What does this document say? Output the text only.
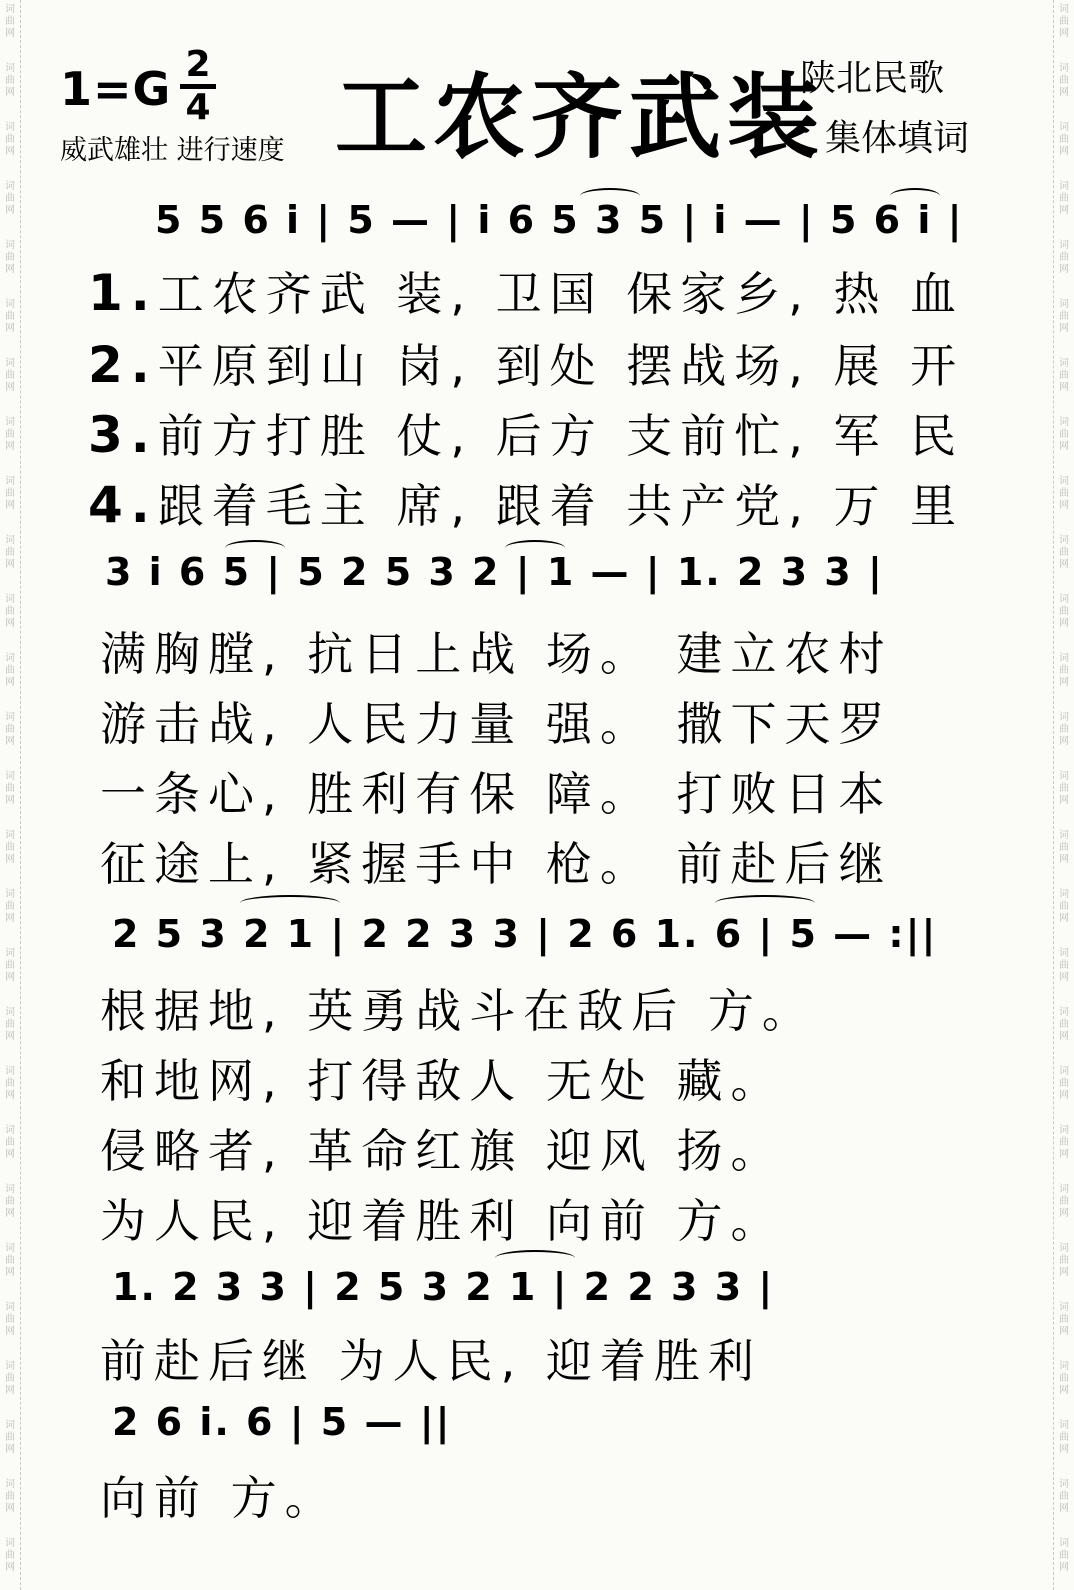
词曲网
词曲网
词曲网
词曲网
词曲网
词曲网
词曲网
词曲网
词曲网
词曲网
词曲网
词曲网
词曲网
词曲网
词曲网
词曲网
词曲网
词曲网
词曲网
词曲网
词曲网
词曲网
词曲网
词曲网
词曲网
词曲网
词曲网
词曲网
词曲网
词曲网
词曲网
词曲网
词曲网
词曲网
词曲网
词曲网
词曲网
词曲网
词曲网
词曲网
词曲网
词曲网
词曲网
词曲网
词曲网
词曲网
词曲网
词曲网
词曲网
词曲网
词曲网
词曲网
词曲网
词曲网
1=G 2
4
威武雄壮 进行速度 工农齐武装
陕北民歌
集体填词
5 5 6 i | 5 — | i 6 5 3 5 | i — | 5 6 i |
1.工农齐武 装, 卫国 保家乡, 热 血
2.平原到山 岗, 到处 摆战场, 展 开
3.前方打胜 仗, 后方 支前忙, 军 民
4.跟着毛主 席, 跟着 共产党, 万 里
3 i 6 5 | 5 2 5 3 2 | 1 — | 1. 2 3 3 |
满胸膛, 抗日上战 场。 建立农村
游击战, 人民力量 强。 撒下天罗
一条心, 胜利有保 障。 打败日本
征途上, 紧握手中 枪。 前赴后继
2 5 3 2 1 | 2 2 3 3 | 2 6 1. 6 | 5 — :||
根据地, 英勇战斗在敌后 方。
和地网, 打得敌人 无处 藏。
侵略者, 革命红旗 迎风 扬。
为人民, 迎着胜利 向前 方。
1. 2 3 3 | 2 5 3 2 1 | 2 2 3 3 |
前赴后继 为人民, 迎着胜利
2 6 i. 6 | 5 — ||
向前 方。
